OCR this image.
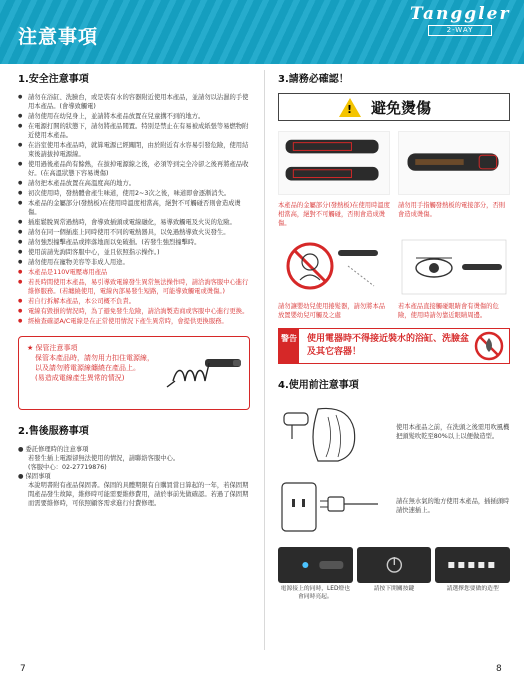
注意事項
Tanggler
2-WAY
1.安全注意事項
● 請勿在浴缸、洗臉台，或是裝有水的容器附近使用本產品，並請勿以沾濕的手使用本產品。(會導致觸電)
● 請勿使用在幼兒身上，並請將本產品放置在兒童搆不到的地方。
● 在電源打開的狀態下，請勿將產品閒置。特別是禁止在有易被成紙張等易燃物附近使用本產品。
● 在浴室使用本產品時，就算電源已經關閉，由於附近有水容易引發危險，使用結束後請拔掉電源線。
● 使用過後產品尚有餘熱，在拔掉電源線之後，必須等到完全冷卻之後再將產品收好。(在高溫狀態下容易燙傷)
● 請勿把本產品放置在高溫度高的地方。
● 初次使用時，發熱體會產生味道，使用2~3次之後，味道即會逐漸消失。
● 本產品的金屬部分(發熱板)在使用時溫度相當高，絕對不可觸碰否則會造成燙傷。
● 插座鬆脫異常過熱時，會導致插頭或電線融化，易導致觸電及火災的危險。
● 請勿在同一個插座上同時使用不同的電熱器具，以免過熱導致火災發生。
● 請勿強烈撞擊產品或摔落地面以免破損。(若發生強烈撞擊時。
● 使用前請先詢問客服中心，並且依照指示操作。)
● 請勿使用在寵物美容等非成人用途。
● 本產品是110V電壓專用產品
● 若長時間使用本產品，易引導致電線發生異常無法操作時，請洽詢客服中心進行維修服務。(若纏繞使用，電線內部易發生短路，可能導致觸電或燙傷。)
● 若自行拆解本產品，本公司概不負責。
● 電線有毀損的情況時，為了避免發生危險，請洽詢製造商或客服中心進行更換。
● 經檢查確認A/C電線是在正常使用情況下產生異常時，會提供更換服務。
★ 保管注意事項
保管本產品時，請勿用力扣住電源線，
以及請勿將電源線纏繞在產品上。
(易造成電線產生異常的情況)
2.售後服務事項
● 委託修理時的注意事項
若發生插上電源卻無法使用的情況，請聯絡客服中心。
(客服中心：02-27719876)
● 保固事項
本說明書附有產品保固書。保固的具體期限有自購買當日算起的一年，若保固期間產品發生故障，維修時可能需要維修費用，請於事前先做確認。若過了保固期而需要維修時，可依照顧客需求進行付費修理。
3.請務必確認！
! 避免燙傷
本產品的金屬部分(發熱板)在使用時溫度相當高，絕對不可觸碰，否則會造成燙傷。
請勿用手指觸發熱板的電接部分，否則會造成燙傷。
請勿讓嬰幼兒使用捲髮器，請勿將本品放置嬰幼兒可觸及之處
若本產品直接觸碰眼睛會有燙傷的危險，使用時請勿靠近眼睛周邊。
警告	使用電器時不得接近裝水的浴缸、洗臉盆及其它容器！
4.使用前注意事項
使用本產品之前，在洗頭之後需用吹風機把頭髮吹乾至80%以上以便做造型。
請在無水氣的地方使用本產品，插插頭時請快速插上。
電源接上的同時，LED燈也會同時亮起。
請按下開關按鍵	請選擇您要做的造型
7	8
